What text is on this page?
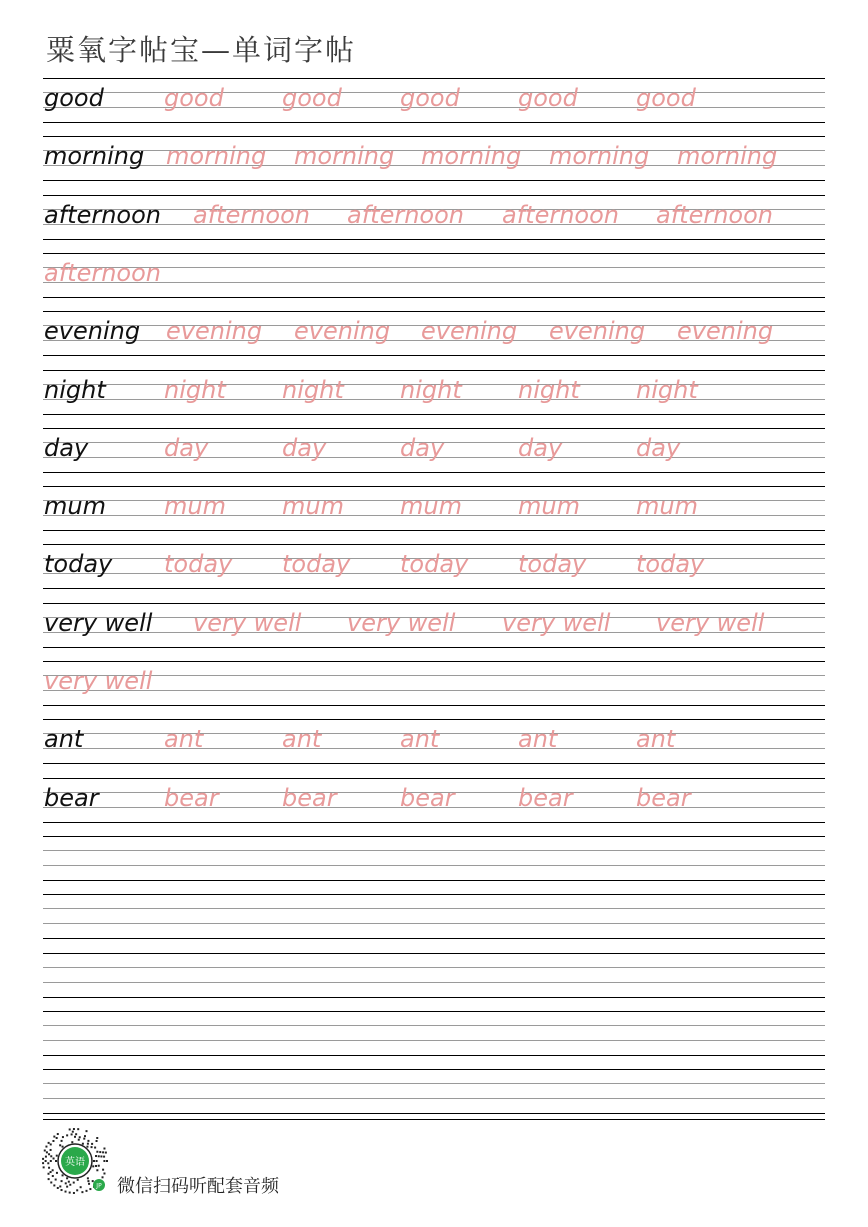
粟氧字帖宝—单词字帖
good	good good good good good
morning morning morning morning morning morning
afternoon afternoon afternoon afternoon afternoon
afternoon
evening evening evening evening evening evening
night night night night night night
day	day	day	day	day	day
mum mum mum mum mum mum
today today today today today today
very well very well very well very well very well
very well
ant	ant	ant	ant	ant	ant
bear	bear	bear	bear	bear	bear
英语
JP 微信扫码听配套音频
